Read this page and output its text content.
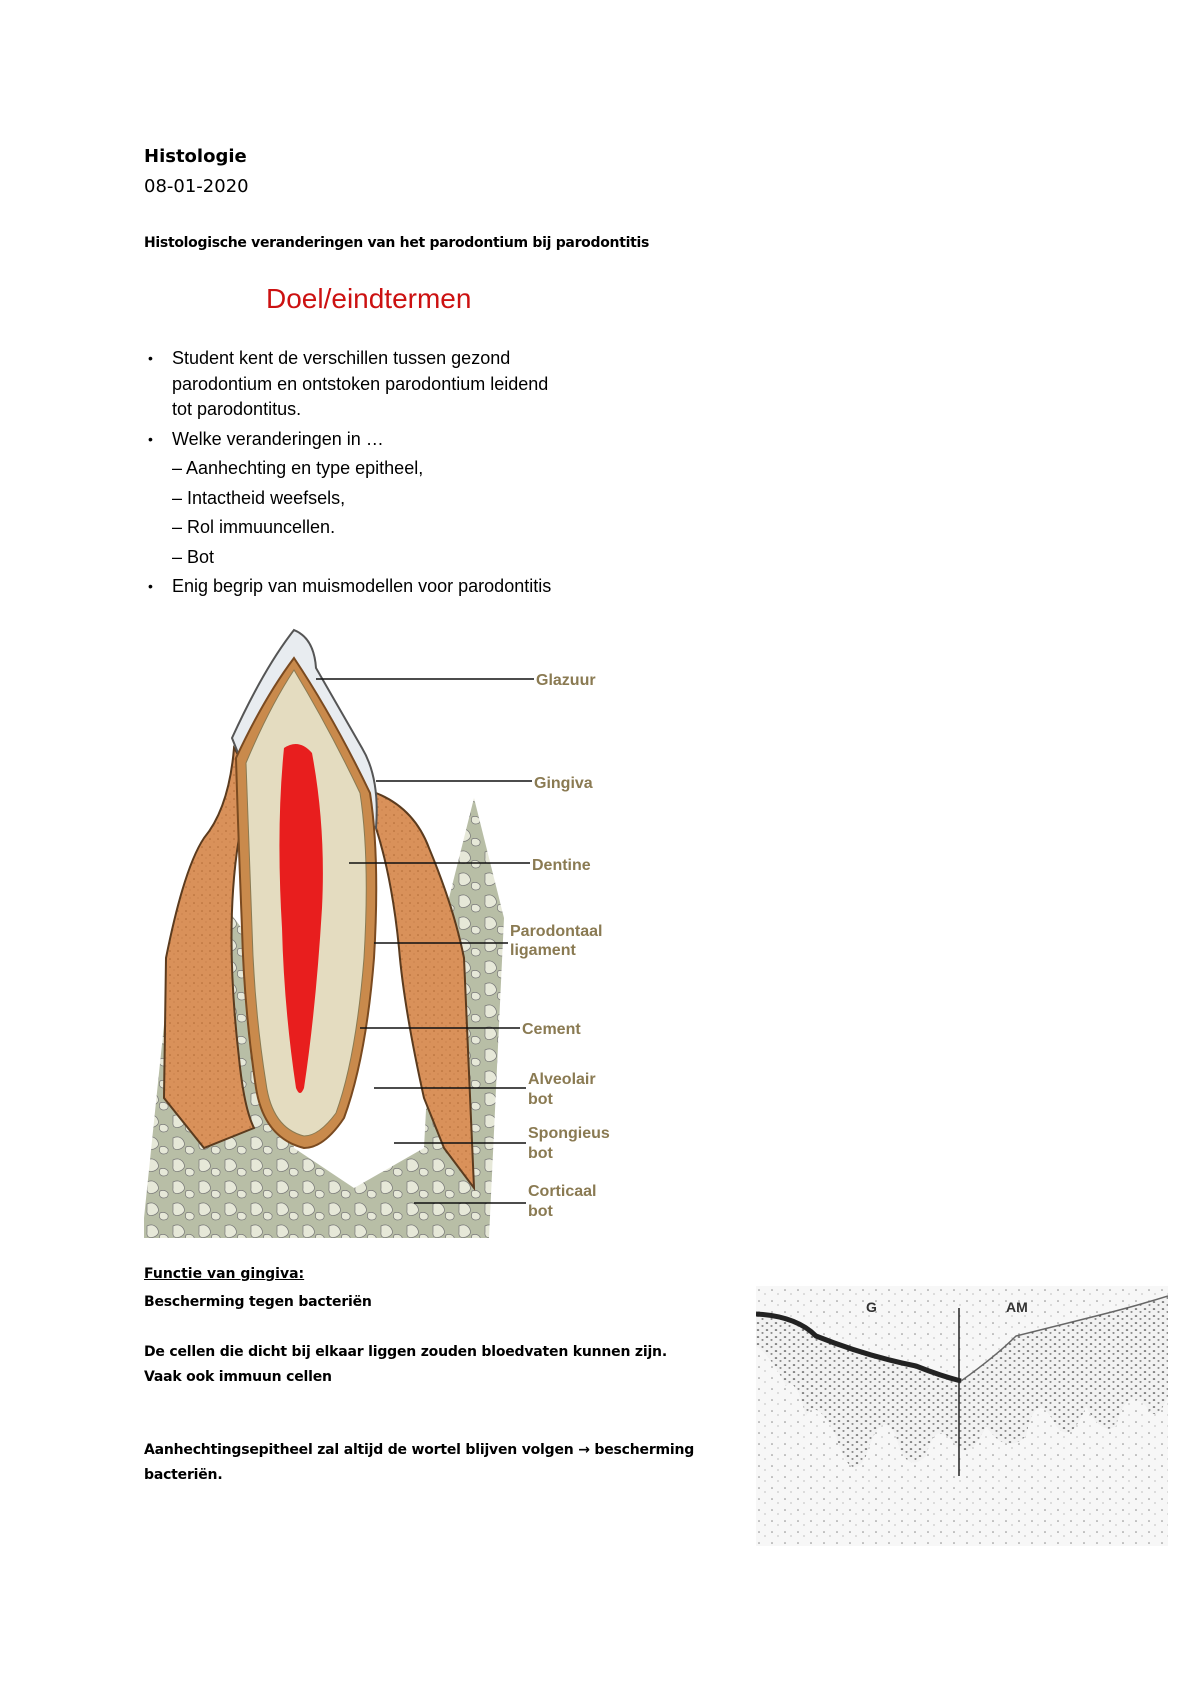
Histologie
08-01-2020
Histologische veranderingen van het parodontium bij parodontitis
Doel/eindtermen
• Student kent de verschillen tussen gezond
parodontium en ontstoken parodontium leidend
tot parodontitus.
• Welke veranderingen in …
– Aanhechting en type epitheel,
– Intactheid weefsels,
– Rol immuuncellen.
– Bot
• Enig begrip van muismodellen voor parodontitis
Glazuur
Gingiva
Dentine
Parodontaal
ligament
Cement
Alveolair
bot
Spongieus
bot
Corticaal
bot
Functie van gingiva:
Bescherming tegen bacteriën
De cellen die dicht bij elkaar liggen zouden bloedvaten kunnen zijn.
Vaak ook immuun cellen
Aanhechtingsepitheel zal altijd de wortel blijven volgen → bescherming
bacteriën.
G	AM
